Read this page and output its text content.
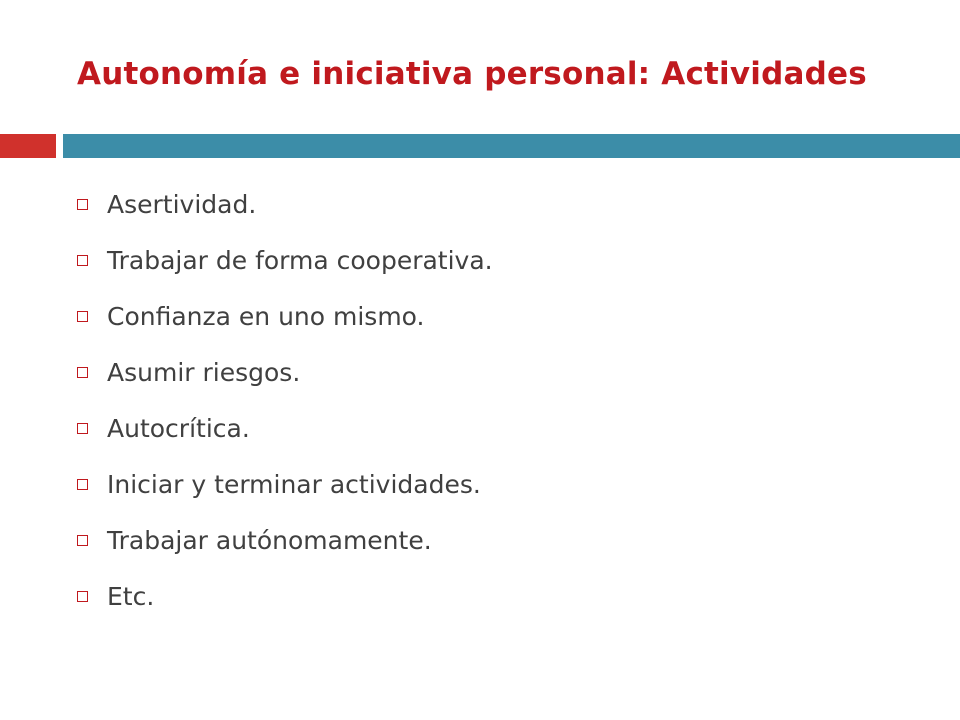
Autonomía e iniciativa personal: Actividades
Asertividad.
Trabajar de forma cooperativa.
Confianza en uno mismo.
Asumir riesgos.
Autocrítica.
Iniciar y terminar actividades.
Trabajar autónomamente.
Etc.
